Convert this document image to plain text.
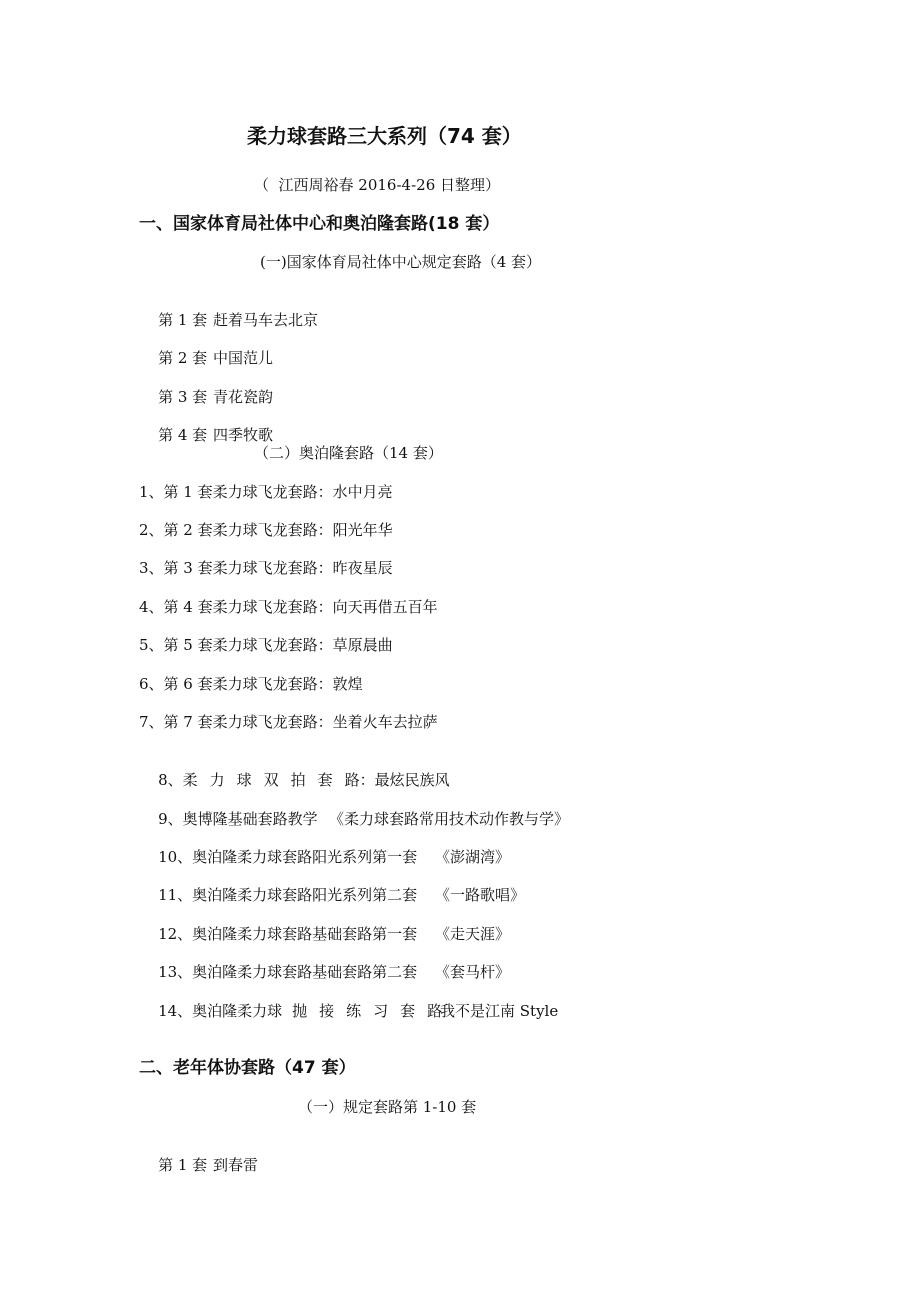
柔力球套路三大系列（74 套）
（  江西周裕春 2016-4-26 日整理）
一、国家体育局社体中心和奥泊隆套路(18 套）
(一)国家体育局社体中心规定套路（4 套）

第 1 套 赶着马车去北京

第 2 套 中国范儿

第 3 套 青花瓷韵

第 4 套 四季牧歌

（二）奥泊隆套路（14 套）
1、第 1 套柔力球飞龙套路：水中月亮
2、第 2 套柔力球飞龙套路：阳光年华
3、第 3 套柔力球飞龙套路：昨夜星辰
4、第 4 套柔力球飞龙套路：向天再借五百年
5、第 5 套柔力球飞龙套路：草原晨曲
6、第 6 套柔力球飞龙套路：敦煌
7、第 7 套柔力球飞龙套路：坐着火车去拉萨

8、柔力球双拍套路：最炫民族风

9、奥博隆基础套路教学 《柔力球套路常用技术动作教与学》

10、奥泊隆柔力球套路阳光系列第一套 《澎湖湾》

11、奥泊隆柔力球套路阳光系列第二套 《一路歌唱》

12、奥泊隆柔力球套路基础套路第一套 《走天涯》

13、奥泊隆柔力球套路基础套路第二套 《套马杆》

14、奥泊隆柔力球 抛接练习套路
我不是江南 Style

二、老年体协套路（47 套）
（一）规定套路第 1-10 套

第 1 套 到春雷
